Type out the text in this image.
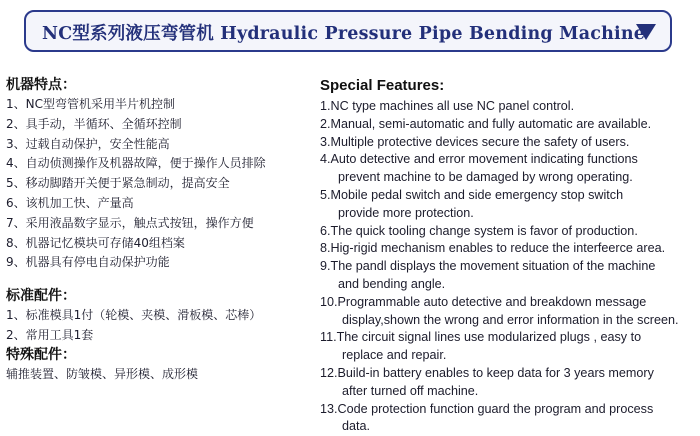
NC型系列液压弯管机 Hydraulic Pressure Pipe Bending Machine
机器特点：
1、NC型弯管机采用半片机控制
2、具手动，半循环、全循环控制
3、过载自动保护，安全性能高
4、自动侦测操作及机器故障，便于操作人员排除
5、移动脚踏开关便于紧急制动，提高安全
6、该机加工快、产量高
7、采用液晶数字显示，触点式按钮，操作方便
8、机器记忆模块可存储40组档案
9、机器具有停电自动保护功能
标准配件：
1、标准模具1付（轮模、夹模、滑板模、芯棒）
2、常用工具1套
特殊配件：
辅推装置、防皱模、异形模、成形模
Special Features:
1.NC type machines all use NC panel control.
2.Manual, semi-automatic and fully automatic are available.
3.Multiple protective devices secure the safety of users.
4.Auto detective and error movement indicating functions
prevent machine to be damaged by wrong operating.
5.Mobile pedal switch and side emergency stop switch
provide more protection.
6.The quick tooling change system is favor of production.
8.Hig-rigid mechanism enables to reduce the interfeerce area.
9.The pandl displays the movement situation of the machine
and bending angle.
10.Programmable auto detective and breakdown message
display,shown the wrong and error information in the screen.
11.The circuit signal lines use modularized plugs , easy to
replace and repair.
12.Build-in battery enables to keep data for 3 years memory
after turned off machine.
13.Code protection function guard the program and process
data.
